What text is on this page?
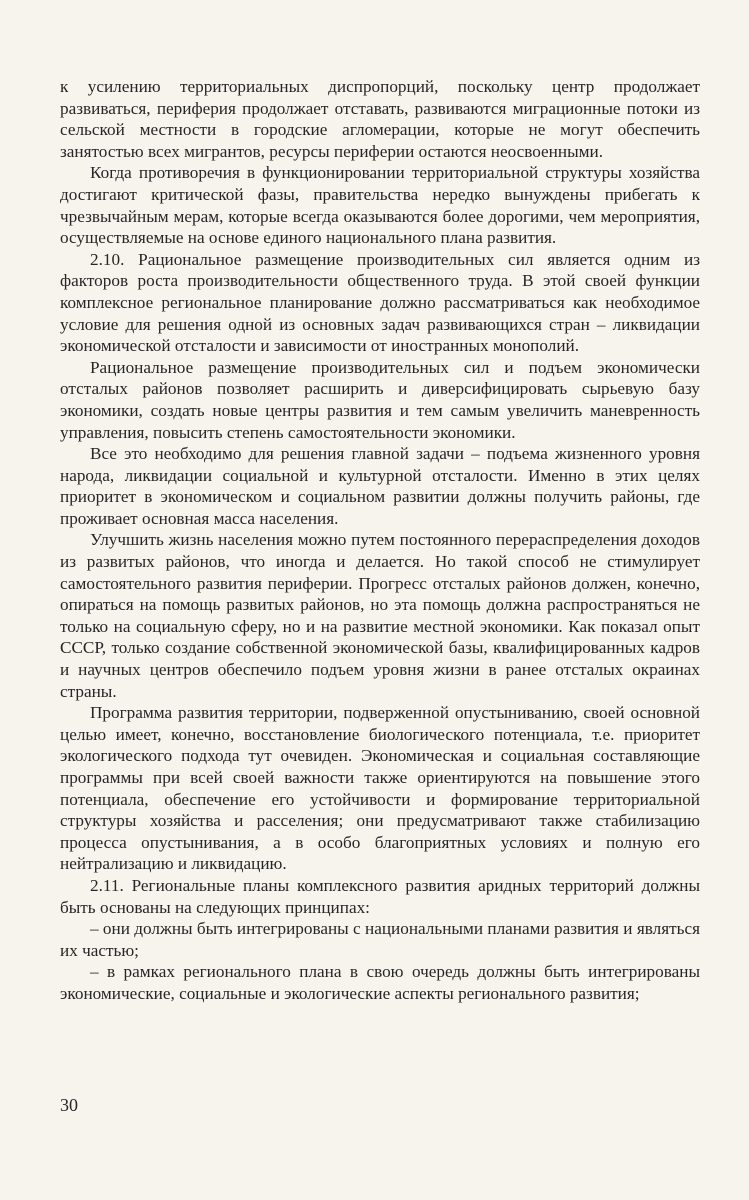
к усилению территориальных диспропорций, поскольку центр продолжает развиваться, периферия продолжает отставать, развиваются миграционные потоки из сельской местности в городские агломерации, которые не могут обеспечить занятостью всех мигрантов, ресурсы периферии остаются неосвоенными.

Когда противоречия в функционировании территориальной структуры хозяйства достигают критической фазы, правительства нередко вынуждены прибегать к чрезвычайным мерам, которые всегда оказываются более дорогими, чем мероприятия, осуществляемые на основе единого национального плана развития.

2.10. Рациональное размещение производительных сил является одним из факторов роста производительности общественного труда. В этой своей функции комплексное региональное планирование должно рассматриваться как необходимое условие для решения одной из основных задач развивающихся стран – ликвидации экономической отсталости и зависимости от иностранных монополий.

Рациональное размещение производительных сил и подъем экономически отсталых районов позволяет расширить и диверсифицировать сырьевую базу экономики, создать новые центры развития и тем самым увеличить маневренность управления, повысить степень самостоятельности экономики.

Все это необходимо для решения главной задачи – подъема жизненного уровня народа, ликвидации социальной и культурной отсталости. Именно в этих целях приоритет в экономическом и социальном развитии должны получить районы, где проживает основная масса населения.

Улучшить жизнь населения можно путем постоянного перераспределения доходов из развитых районов, что иногда и делается. Но такой способ не стимулирует самостоятельного развития периферии. Прогресс отсталых районов должен, конечно, опираться на помощь развитых районов, но эта помощь должна распространяться не только на социальную сферу, но и на развитие местной экономики. Как показал опыт СССР, только создание собственной экономической базы, квалифицированных кадров и научных центров обеспечило подъем уровня жизни в ранее отсталых окраинах страны.

Программа развития территории, подверженной опустыниванию, своей основной целью имеет, конечно, восстановление биологического потенциала, т.е. приоритет экологического подхода тут очевиден. Экономическая и социальная составляющие программы при всей своей важности также ориентируются на повышение этого потенциала, обеспечение его устойчивости и формирование территориальной структуры хозяйства и расселения; они предусматривают также стабилизацию процесса опустынивания, а в особо благоприятных условиях и полную его нейтрализацию и ликвидацию.

2.11. Региональные планы комплексного развития аридных территорий должны быть основаны на следующих принципах:

– они должны быть интегрированы с национальными планами развития и являться их частью;

– в рамках регионального плана в свою очередь должны быть интегрированы экономические, социальные и экологические аспекты регионального развития;

30
